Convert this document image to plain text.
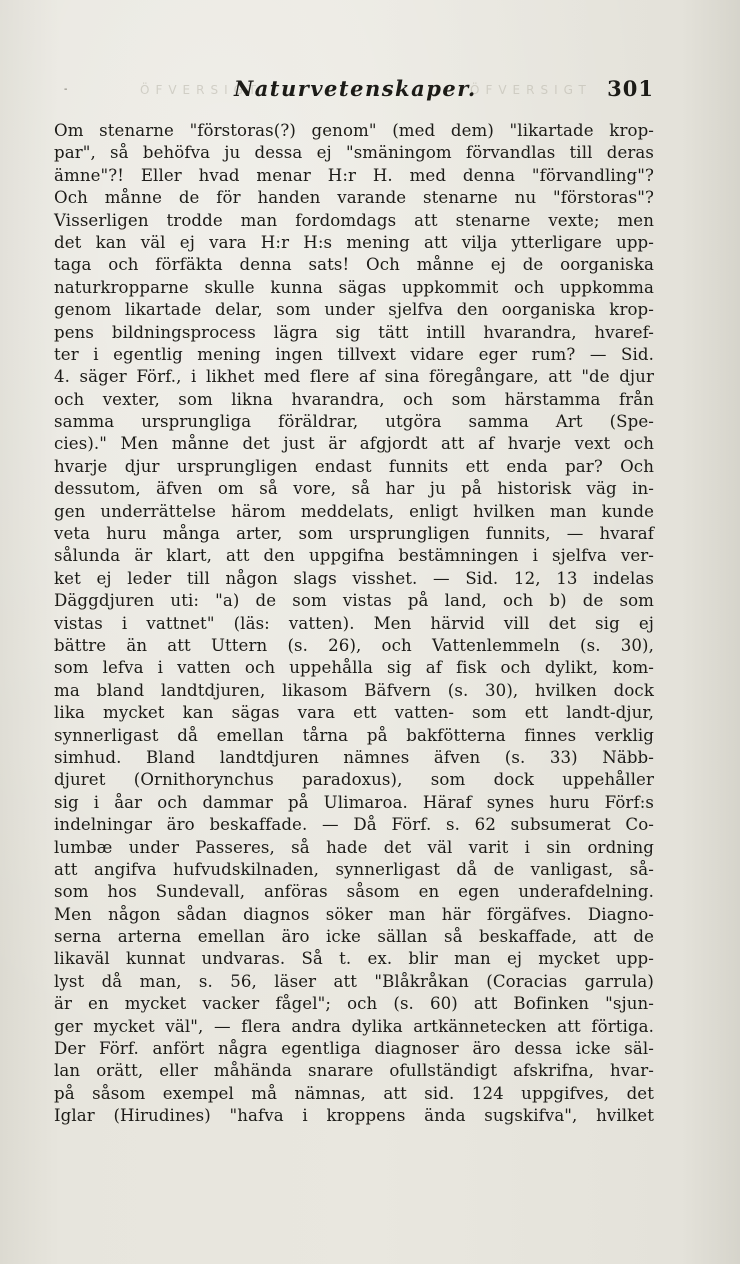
ÖFVERSIGT	ÖFVERSIGT
-	Naturvetenskaper.	301
Om stenarne "förstoras(?) genom" (med dem) "likartade krop-
par", så behöfva ju dessa ej "smäningom förvandlas till deras
ämne"?! Eller hvad menar H:r H. med denna "förvandling"?
Och månne de för handen varande stenarne nu "förstoras"?
Visserligen trodde man fordomdags att stenarne vexte; men
det kan väl ej vara H:r H:s mening att vilja ytterligare upp-
taga och förfäkta denna sats! Och månne ej de oorganiska
naturkropparne skulle kunna sägas uppkommit och uppkomma
genom likartade delar, som under sjelfva den oorganiska krop-
pens bildningsprocess lägra sig tätt intill hvarandra, hvaref-
ter i egentlig mening ingen tillvext vidare eger rum? — Sid.
4. säger Förf., i likhet med flere af sina föregångare, att "de djur
och vexter, som likna hvarandra, och som härstamma från
samma ursprungliga föräldrar, utgöra samma Art (Spe-
cies)." Men månne det just är afgjordt att af hvarje vext och
hvarje djur ursprungligen endast funnits ett enda par? Och
dessutom, äfven om så vore, så har ju på historisk väg in-
gen underrättelse härom meddelats, enligt hvilken man kunde
veta huru många arter, som ursprungligen funnits, — hvaraf
sålunda är klart, att den uppgifna bestämningen i sjelfva ver-
ket ej leder till någon slags visshet. — Sid. 12, 13 indelas
Däggdjuren uti: "a) de som vistas på land, och b) de som
vistas i vattnet" (läs: vatten). Men härvid vill det sig ej
bättre än att Uttern (s. 26), och Vattenlemmeln (s. 30),
som lefva i vatten och uppehålla sig af fisk och dylikt, kom-
ma bland landtdjuren, likasom Bäfvern (s. 30), hvilken dock
lika mycket kan sägas vara ett vatten- som ett landt-djur,
synnerligast då emellan tårna på bakfötterna finnes verklig
simhud. Bland landtdjuren nämnes äfven (s. 33) Näbb-
djuret (Ornithorynchus paradoxus), som dock uppehåller
sig i åar och dammar på Ulimaroa. Häraf synes huru Förf:s
indelningar äro beskaffade. — Då Förf. s. 62 subsumerat Co-
lumbæ under Passeres, så hade det väl varit i sin ordning
att angifva hufvudskilnaden, synnerligast då de vanligast, så-
som hos Sundevall, anföras såsom en egen underafdelning.
Men någon sådan diagnos söker man här förgäfves. Diagno-
serna arterna emellan äro icke sällan så beskaffade, att de
likaväl kunnat undvaras. Så t. ex. blir man ej mycket upp-
lyst då man, s. 56, läser att "Blåkråkan (Coracias garrula)
är en mycket vacker fågel"; och (s. 60) att Bofinken "sjun-
ger mycket väl", — flera andra dylika artkännetecken att förtiga.
Der Förf. anfört några egentliga diagnoser äro dessa icke säl-
lan orätt, eller måhända snarare ofullständigt afskrifna, hvar-
på såsom exempel må nämnas, att sid. 124 uppgifves, det
Iglar (Hirudines) "hafva i kroppens ända sugskifva", hvilket
